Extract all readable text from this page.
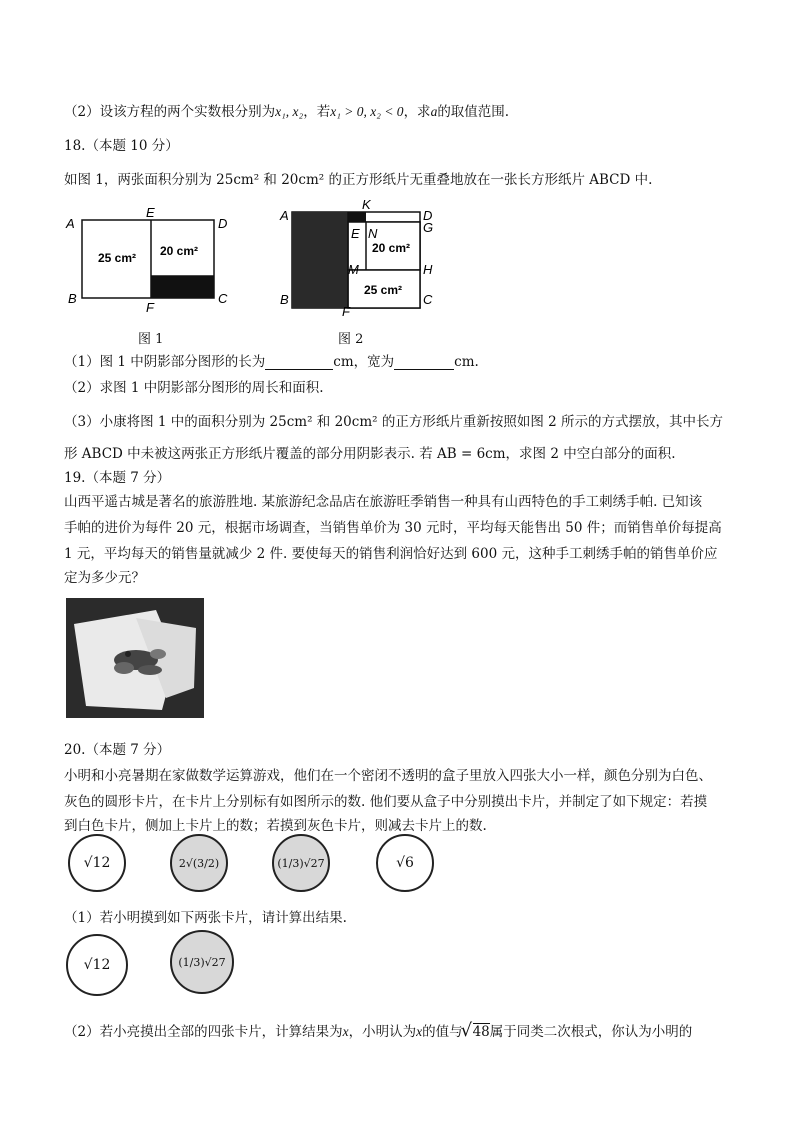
（2）设该方程的两个实数根分别为x₁, x₂，若x₁ > 0, x₂ < 0，求a的取值范围.
18.（本题 10 分）
如图 1，两张面积分别为 25cm² 和 20cm² 的正方形纸片无重叠地放在一张长方形纸片 ABCD 中.
A
E
D
B
F
C
25 cm² 20 cm²
图 1
A
K
D
G
E N
M	H
B
F
C
20 cm²
25 cm²
图 2
（1）图 1 中阴影部分图形的长为	cm，宽为	cm.
（2）求图 1 中阴影部分图形的周长和面积.
（3）小康将图 1 中的面积分别为 25cm² 和 20cm² 的正方形纸片重新按照如图 2 所示的方式摆放，其中长方
形 ABCD 中未被这两张正方形纸片覆盖的部分用阴影表示. 若 AB = 6cm，求图 2 中空白部分的面积.
19.（本题 7 分）
山西平遥古城是著名的旅游胜地. 某旅游纪念品店在旅游旺季销售一种具有山西特色的手工刺绣手帕. 已知该
手帕的进价为每件 20 元，根据市场调查，当销售单价为 30 元时，平均每天能售出 50 件；而销售单价每提高
1 元，平均每天的销售量就减少 2 件. 要使每天的销售利润恰好达到 600 元，这种手工刺绣手帕的销售单价应
定为多少元？
20.（本题 7 分）
小明和小亮暑期在家做数学运算游戏，他们在一个密闭不透明的盒子里放入四张大小一样，颜色分别为白色、
灰色的圆形卡片，在卡片上分别标有如图所示的数. 他们要从盒子中分别摸出卡片，并制定了如下规定：若摸
到白色卡片，侧加上卡片上的数；若摸到灰色卡片，则减去卡片上的数.
√12	2√(3/2)	(1/3)√27	√6
（1）若小明摸到如下两张卡片，请计算出结果.
√12	(1/3)√27
（2）若小亮摸出全部的四张卡片，计算结果为x，小明认为x的值与√ 48属于同类二次根式，你认为小明的
